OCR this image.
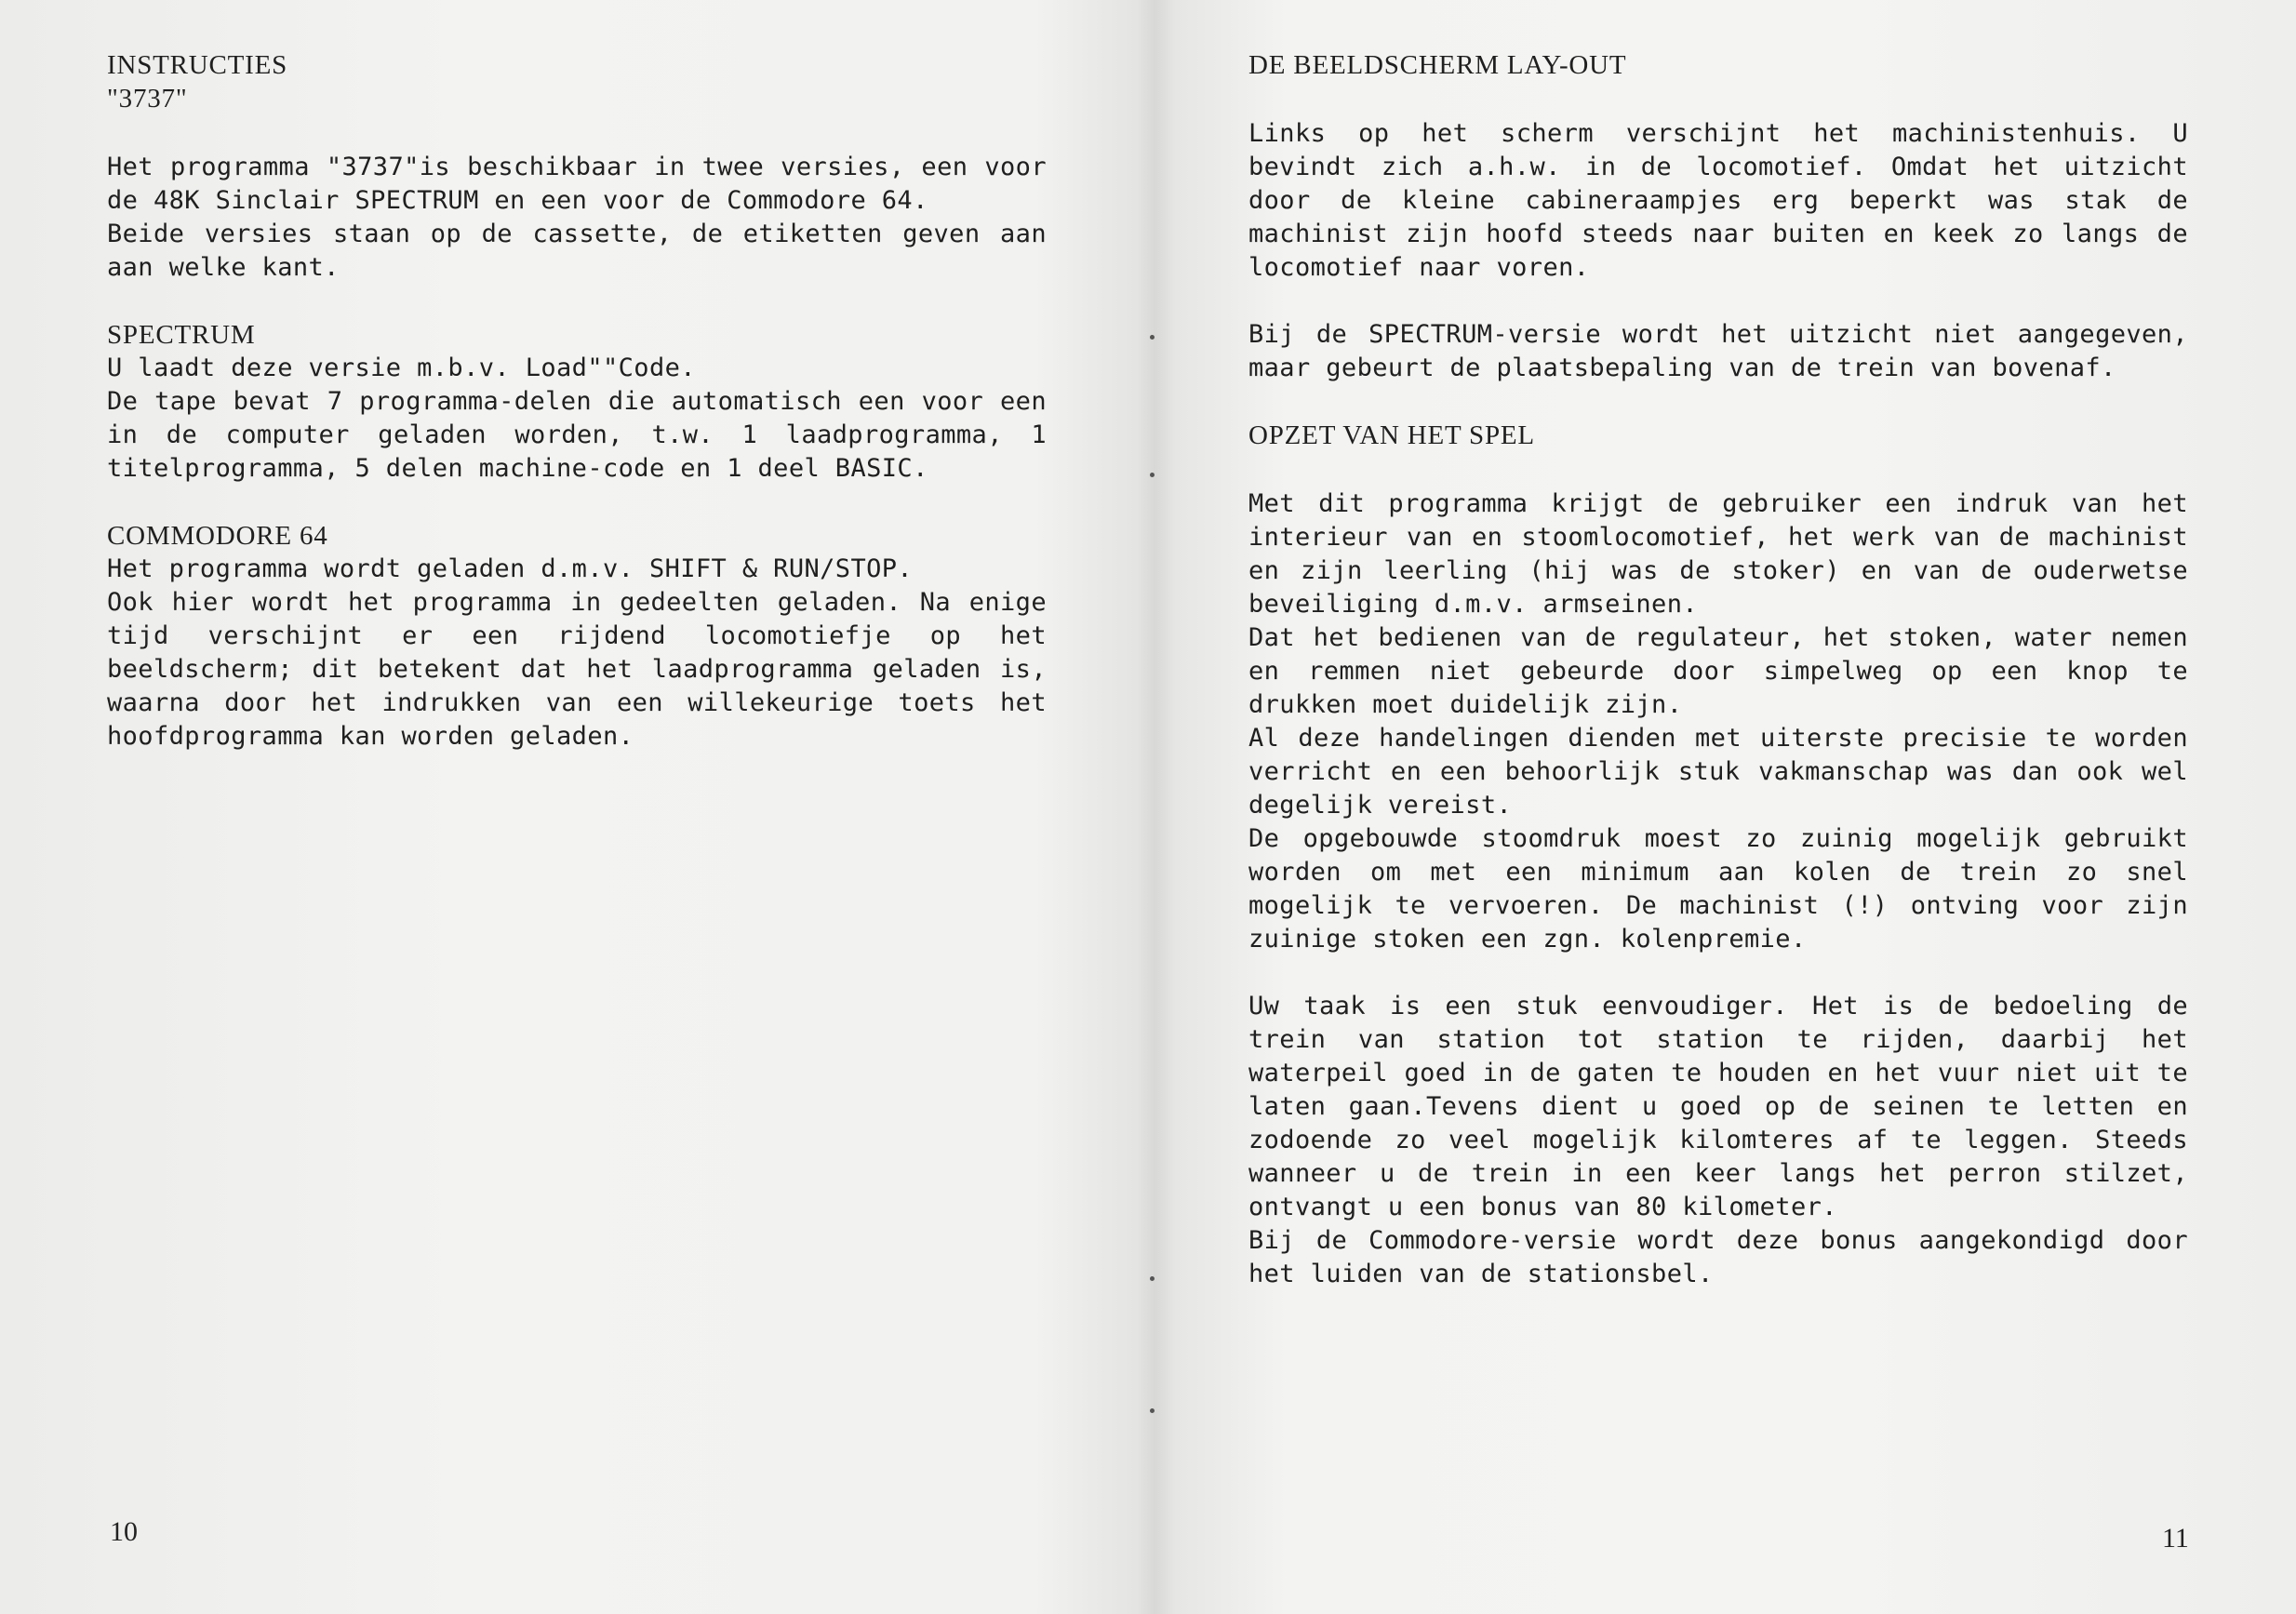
INSTRUCTIES
"3737"

Het programma "3737"is beschikbaar in twee versies, een voor de 48K Sinclair SPECTRUM en een voor de Commodore 64.

Beide versies staan op de cassette, de etiketten geven aan aan welke kant.

SPECTRUM

U laadt deze versie m.b.v. Load""Code.

De tape bevat 7 programma-delen die automatisch een voor een in de computer geladen worden, t.w. 1 laadprogramma, 1 titelprogramma, 5 delen machine-code en 1 deel BASIC.

COMMODORE 64

Het programma wordt geladen d.m.v. SHIFT & RUN/STOP.

Ook hier wordt het programma in gedeelten geladen. Na enige tijd verschijnt er een rijdend locomotiefje op het beeldscherm; dit betekent dat het laadprogramma geladen is, waarna door het indrukken van een willekeurige toets het hoofdprogramma kan worden geladen.

10
DE BEELDSCHERM LAY-OUT

Links op het scherm verschijnt het machinistenhuis. U bevindt zich a.h.w. in de locomotief. Omdat het uitzicht door de kleine cabineraampjes erg beperkt was stak de machinist zijn hoofd steeds naar buiten en keek zo langs de locomotief naar voren.

Bij de SPECTRUM-versie wordt het uitzicht niet aangegeven, maar gebeurt de plaatsbepaling van de trein van bovenaf.

OPZET VAN HET SPEL

Met dit programma krijgt de gebruiker een indruk van het interieur van en stoomlocomotief, het werk van de machinist en zijn leerling (hij was de stoker) en van de ouderwetse beveiliging d.m.v. armseinen.

Dat het bedienen van de regulateur, het stoken, water nemen en remmen niet gebeurde door simpelweg op een knop te drukken moet duidelijk zijn.

Al deze handelingen dienden met uiterste precisie te worden verricht en een behoorlijk stuk vakmanschap was dan ook wel degelijk vereist.

De opgebouwde stoomdruk moest zo zuinig mogelijk gebruikt worden om met een minimum aan kolen de trein zo snel mogelijk te vervoeren. De machinist (!) ontving voor zijn zuinige stoken een zgn. kolenpremie.

Uw taak is een stuk eenvoudiger. Het is de bedoeling de trein van station tot station te rijden, daarbij het waterpeil goed in de gaten te houden en het vuur niet uit te laten gaan.Tevens dient u goed op de seinen te letten en zodoende zo veel mogelijk kilomteres af te leggen. Steeds wanneer u de trein in een keer langs het perron stilzet, ontvangt u een bonus van 80 kilometer.

Bij de Commodore-versie wordt deze bonus aangekondigd door het luiden van de stationsbel.

11
